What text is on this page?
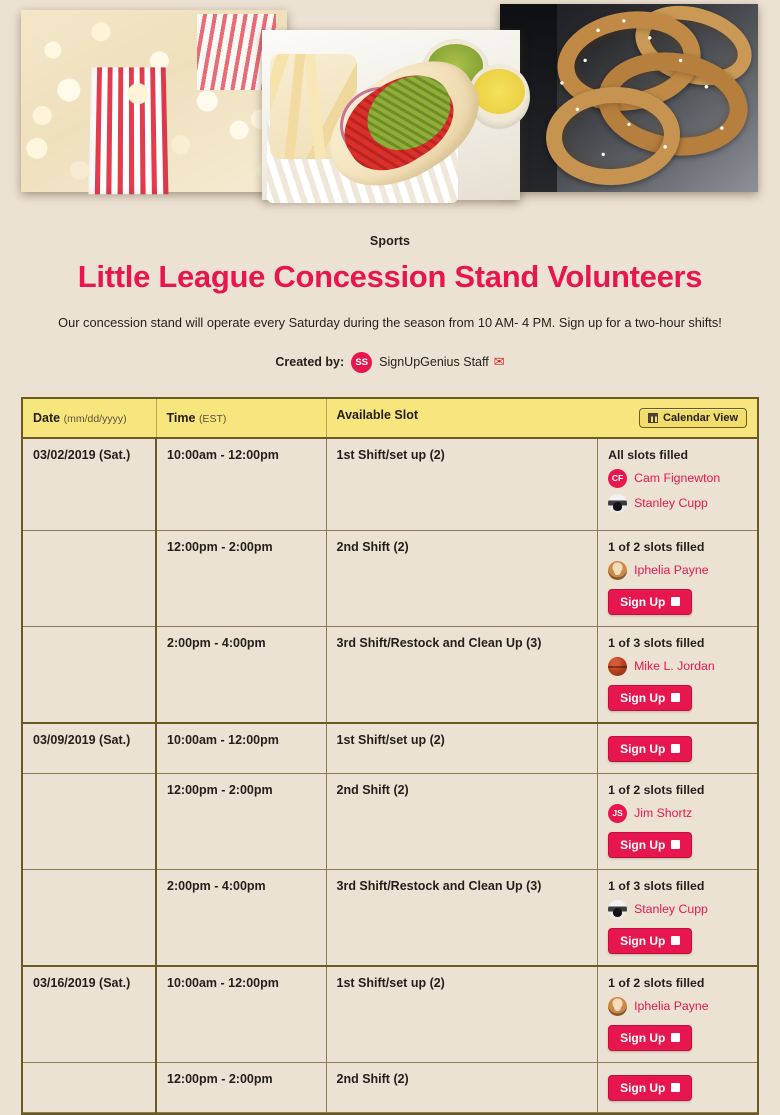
Sports
Little League Concession Stand Volunteers
Our concession stand will operate every Saturday during the season from 10 AM- 4 PM. Sign up for a two-hour shifts!
Created by:	SS SignUpGenius Staff ✉
Date (mm/dd/yyyy)	Time (EST)	Calendar View
Available Slot	
03/02/2019 (Sat.)	10:00am - 12:00pm	1st Shift/set up (2)	All slots filled
CF Cam Fignewton
Stanley Cupp

	12:00pm - 2:00pm	2nd Shift (2)	1 of 2 slots filled
Iphelia Payne
Sign Up

	2:00pm - 4:00pm	3rd Shift/Restock and Clean Up (3)	1 of 3 slots filled
Mike L. Jordan
Sign Up

03/09/2019 (Sat.)	10:00am - 12:00pm	1st Shift/set up (2)	Sign Up

	12:00pm - 2:00pm	2nd Shift (2)	1 of 2 slots filled
JS Jim Shortz
Sign Up

	2:00pm - 4:00pm	3rd Shift/Restock and Clean Up (3)	1 of 3 slots filled
Stanley Cupp
Sign Up

03/16/2019 (Sat.)	10:00am - 12:00pm	1st Shift/set up (2)	1 of 2 slots filled
Iphelia Payne
Sign Up

	12:00pm - 2:00pm	2nd Shift (2)	Sign Up
